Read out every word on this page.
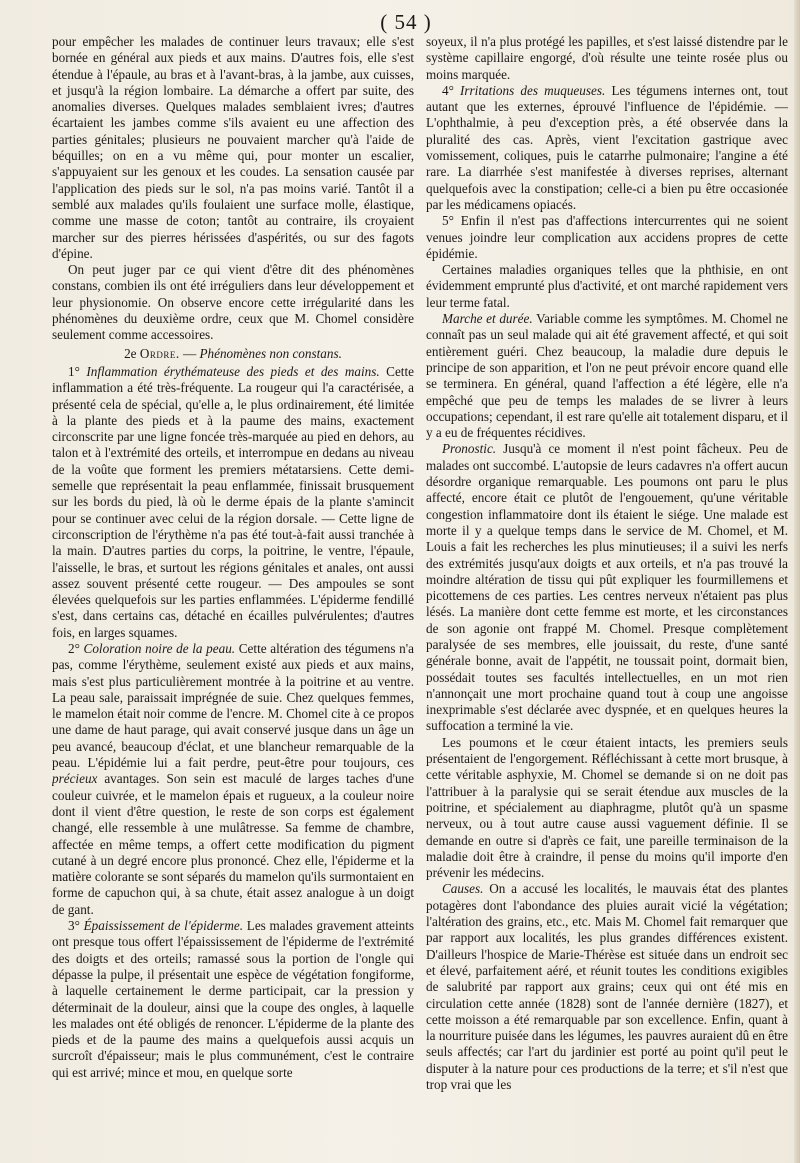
( 54 )

pour empêcher les malades de continuer leurs travaux; elle s'est bornée en général aux pieds et aux mains. D'autres fois, elle s'est étendue à l'épaule, au bras et à l'avant-bras, à la jambe, aux cuisses, et jusqu'à la région lombaire. La démarche a offert par suite, des anomalies diverses. Quelques malades semblaient ivres; d'autres écartaient les jambes comme s'ils avaient eu une affection des parties génitales; plusieurs ne pouvaient marcher qu'à l'aide de béquilles; on en a vu même qui, pour monter un escalier, s'appuyaient sur les genoux et les coudes. La sensation causée par l'application des pieds sur le sol, n'a pas moins varié. Tantôt il a semblé aux malades qu'ils foulaient une surface molle, élastique, comme une masse de coton; tantôt au contraire, ils croyaient marcher sur des pierres hérissées d'aspérités, ou sur des fagots d'épine.

On peut juger par ce qui vient d'être dit des phénomènes constans, combien ils ont été irréguliers dans leur développement et leur physionomie. On observe encore cette irrégularité dans les phénomènes du deuxième ordre, ceux que M. Chomel considère seulement comme accessoires.

2e Ordre. — Phénomènes non constans.

1° Inflammation érythémateuse des pieds et des mains. Cette inflammation a été très-fréquente. La rougeur qui l'a caractérisée, a présenté cela de spécial, qu'elle a, le plus ordinairement, été limitée à la plante des pieds et à la paume des mains, exactement circonscrite par une ligne foncée très-marquée au pied en dehors, au talon et à l'extrémité des orteils, et interrompue en dedans au niveau de la voûte que forment les premiers métatarsiens. Cette demi-semelle que représentait la peau enflammée, finissait brusquement sur les bords du pied, là où le derme épais de la plante s'amincit pour se continuer avec celui de la région dorsale. — Cette ligne de circonscription de l'érythème n'a pas été tout-à-fait aussi tranchée à la main. D'autres parties du corps, la poitrine, le ventre, l'épaule, l'aisselle, le bras, et surtout les régions génitales et anales, ont aussi assez souvent présenté cette rougeur. — Des ampoules se sont élevées quelquefois sur les parties enflammées. L'épiderme fendillé s'est, dans certains cas, détaché en écailles pulvérulentes; d'autres fois, en larges squames.

2° Coloration noire de la peau. Cette altération des tégumens n'a pas, comme l'érythème, seulement existé aux pieds et aux mains, mais s'est plus particulièrement montrée à la poitrine et au ventre. La peau sale, paraissait imprégnée de suie. Chez quelques femmes, le mamelon était noir comme de l'encre. M. Chomel cite à ce propos une dame de haut parage, qui avait conservé jusque dans un âge un peu avancé, beaucoup d'éclat, et une blancheur remarquable de la peau. L'épidémie lui a fait perdre, peut-être pour toujours, ces précieux avantages. Son sein est maculé de larges taches d'une couleur cuivrée, et le mamelon épais et rugueux, a la couleur noire dont il vient d'être question, le reste de son corps est également changé, elle ressemble à une mulâtresse. Sa femme de chambre, affectée en même temps, a offert cette modification du pigment cutané à un degré encore plus prononcé. Chez elle, l'épiderme et la matière colorante se sont séparés du mamelon qu'ils surmontaient en forme de capuchon qui, à sa chute, était assez analogue à un doigt de gant.

3° Épaississement de l'épiderme. Les malades gravement atteints ont presque tous offert l'épaississement de l'épiderme de l'extrémité des doigts et des orteils; ramassé sous la portion de l'ongle qui dépasse la pulpe, il présentait une espèce de végétation fongiforme, à laquelle certainement le derme participait, car la pression y déterminait de la douleur, ainsi que la coupe des ongles, à laquelle les malades ont été obligés de renoncer. L'épiderme de la plante des pieds et de la paume des mains a quelquefois aussi acquis un surcroît d'épaisseur; mais le plus communément, c'est le contraire qui est arrivé; mince et mou, en quelque sorte

soyeux, il n'a plus protégé les papilles, et s'est laissé distendre par le système capillaire engorgé, d'où résulte une teinte rosée plus ou moins marquée.

4° Irritations des muqueuses. Les tégumens internes ont, tout autant que les externes, éprouvé l'influence de l'épidémie. — L'ophthalmie, à peu d'exception près, a été observée dans la pluralité des cas. Après, vient l'excitation gastrique avec vomissement, coliques, puis le catarrhe pulmonaire; l'angine a été rare. La diarrhée s'est manifestée à diverses reprises, alternant quelquefois avec la constipation; celle-ci a bien pu être occasionée par les médicamens opiacés.

5° Enfin il n'est pas d'affections intercurrentes qui ne soient venues joindre leur complication aux accidens propres de cette épidémie.

Certaines maladies organiques telles que la phthisie, en ont évidemment emprunté plus d'activité, et ont marché rapidement vers leur terme fatal.

Marche et durée. Variable comme les symptômes. M. Chomel ne connaît pas un seul malade qui ait été gravement affecté, et qui soit entièrement guéri. Chez beaucoup, la maladie dure depuis le principe de son apparition, et l'on ne peut prévoir encore quand elle se terminera. En général, quand l'affection a été légère, elle n'a empêché que peu de temps les malades de se livrer à leurs occupations; cependant, il est rare qu'elle ait totalement disparu, et il y a eu de fréquentes récidives.

Pronostic. Jusqu'à ce moment il n'est point fâcheux. Peu de malades ont succombé. L'autopsie de leurs cadavres n'a offert aucun désordre organique remarquable. Les poumons ont paru le plus affecté, encore était ce plutôt de l'engouement, qu'une véritable congestion inflammatoire dont ils étaient le siége. Une malade est morte il y a quelque temps dans le service de M. Chomel, et M. Louis a fait les recherches les plus minutieuses; il a suivi les nerfs des extrémités jusqu'aux doigts et aux orteils, et n'a pas trouvé la moindre altération de tissu qui pût expliquer les fourmillemens et picottemens de ces parties. Les centres nerveux n'étaient pas plus lésés. La manière dont cette femme est morte, et les circonstances de son agonie ont frappé M. Chomel. Presque complètement paralysée de ses membres, elle jouissait, du reste, d'une santé générale bonne, avait de l'appétit, ne toussait point, dormait bien, possédait toutes ses facultés intellectuelles, en un mot rien n'annonçait une mort prochaine quand tout à coup une angoisse inexprimable s'est déclarée avec dyspnée, et en quelques heures la suffocation a terminé la vie.

Les poumons et le cœur étaient intacts, les premiers seuls présentaient de l'engorgement. Réfléchissant à cette mort brusque, à cette véritable asphyxie, M. Chomel se demande si on ne doit pas l'attribuer à la paralysie qui se serait étendue aux muscles de la poitrine, et spécialement au diaphragme, plutôt qu'à un spasme nerveux, ou à tout autre cause aussi vaguement définie. Il se demande en outre si d'après ce fait, une pareille terminaison de la maladie doit être à craindre, il pense du moins qu'il importe d'en prévenir les médecins.

Causes. On a accusé les localités, le mauvais état des plantes potagères dont l'abondance des pluies aurait vicié la végétation; l'altération des grains, etc., etc. Mais M. Chomel fait remarquer que par rapport aux localités, les plus grandes différences existent. D'ailleurs l'hospice de Marie-Thérèse est située dans un endroit sec et élevé, parfaitement aéré, et réunit toutes les conditions exigibles de salubrité par rapport aux grains; ceux qui ont été mis en circulation cette année (1828) sont de l'année dernière (1827), et cette moisson a été remarquable par son excellence. Enfin, quant à la nourriture puisée dans les légumes, les pauvres auraient dû en être seuls affectés; car l'art du jardinier est porté au point qu'il peut le disputer à la nature pour ces productions de la terre; et s'il n'est que trop vrai que les
